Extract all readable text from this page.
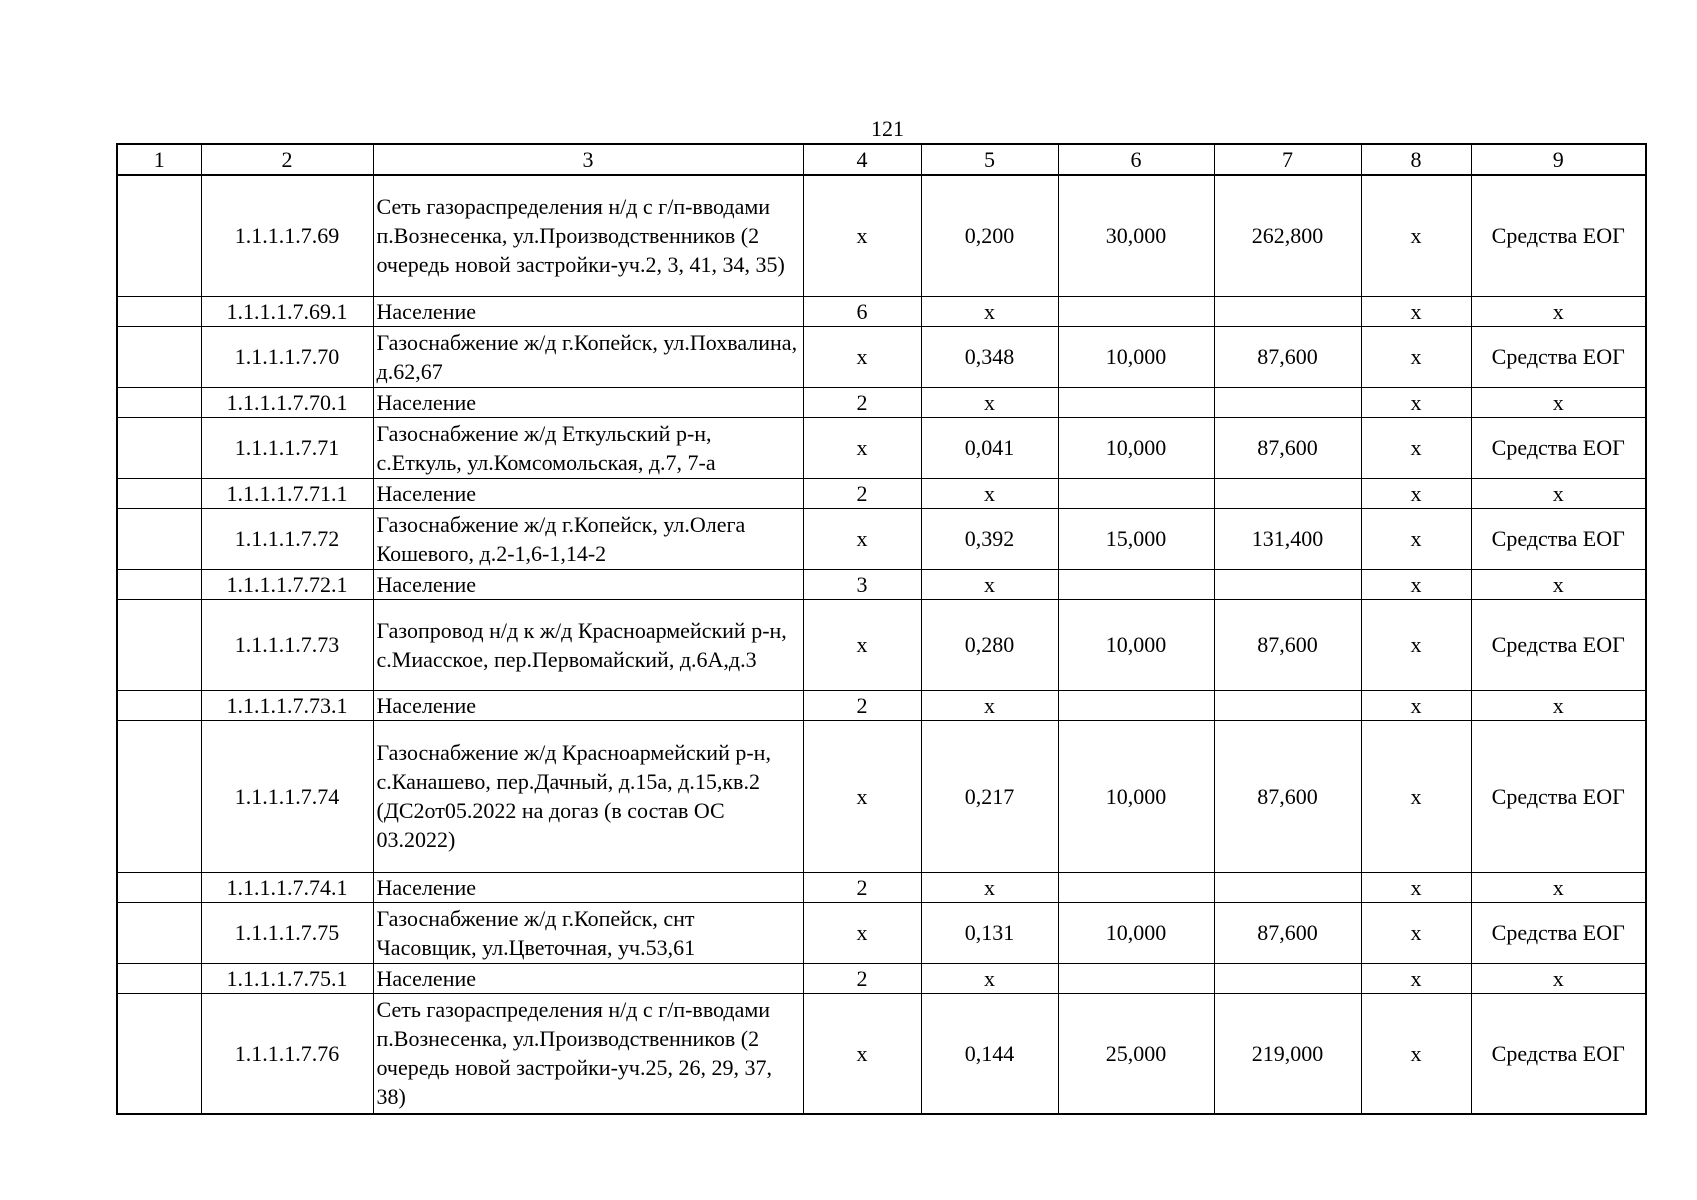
121
1	2	3	4	5	6	7	8	9
	1.1.1.1.7.69	Сеть газораспределения н/д с г/п-вводами п.Вознесенка, ул.Производственников (2 очередь новой застройки-уч.2, 3, 41, 34, 35)	х	0,200	30,000	262,800	х	Средства ЕОГ
	1.1.1.1.7.69.1	Население	6	х			х	х
	1.1.1.1.7.70	Газоснабжение ж/д г.Копейск, ул.Похвалина, д.62,67	х	0,348	10,000	87,600	х	Средства ЕОГ
	1.1.1.1.7.70.1	Население	2	х			х	х
	1.1.1.1.7.71	Газоснабжение ж/д Еткульский р-н, с.Еткуль, ул.Комсомольская, д.7, 7-а	х	0,041	10,000	87,600	х	Средства ЕОГ
	1.1.1.1.7.71.1	Население	2	х			х	х
	1.1.1.1.7.72	Газоснабжение ж/д г.Копейск, ул.Олега Кошевого, д.2-1,6-1,14-2	х	0,392	15,000	131,400	х	Средства ЕОГ
	1.1.1.1.7.72.1	Население	3	х			х	х
	1.1.1.1.7.73	Газопровод н/д к ж/д Красноармейский р-н, с.Миасское, пер.Первомайский, д.6А,д.3	х	0,280	10,000	87,600	х	Средства ЕОГ
	1.1.1.1.7.73.1	Население	2	х			х	х
	1.1.1.1.7.74	Газоснабжение ж/д Красноармейский р-н, с.Канашево, пер.Дачный, д.15а, д.15,кв.2 (ДС2от05.2022 на догаз (в состав ОС 03.2022)	х	0,217	10,000	87,600	х	Средства ЕОГ
	1.1.1.1.7.74.1	Население	2	х			х	х
	1.1.1.1.7.75	Газоснабжение ж/д г.Копейск, снт Часовщик, ул.Цветочная, уч.53,61	х	0,131	10,000	87,600	х	Средства ЕОГ
	1.1.1.1.7.75.1	Население	2	х			х	х
	1.1.1.1.7.76	Сеть газораспределения н/д с г/п-вводами п.Вознесенка, ул.Производственников (2 очередь новой застройки-уч.25, 26, 29, 37, 38)	х	0,144	25,000	219,000	х	Средства ЕОГ
